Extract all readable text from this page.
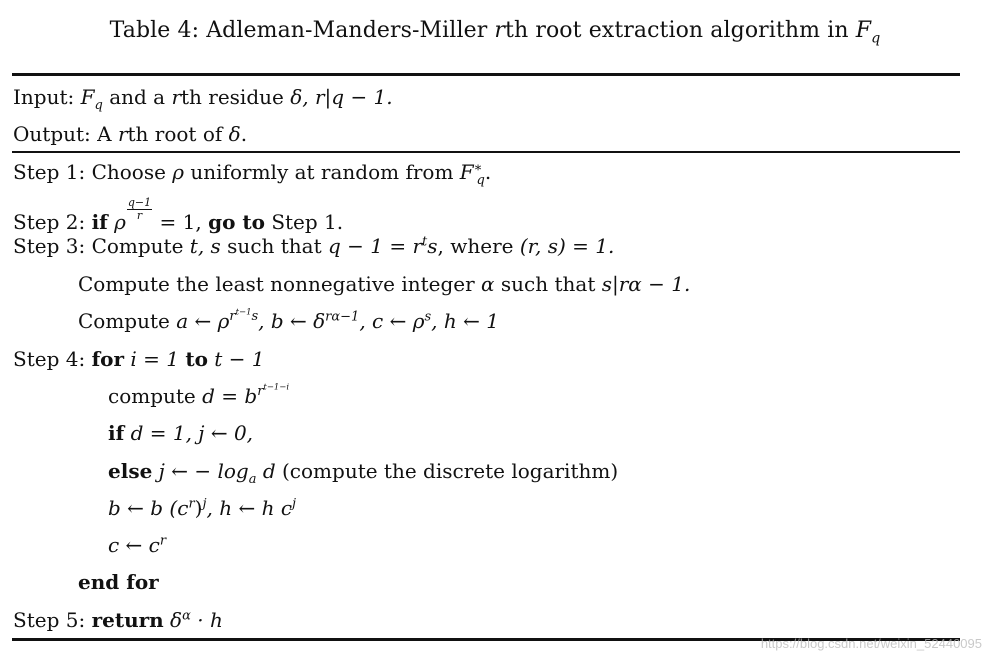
Table 4: Adleman-Manders-Miller rth root extraction algorithm in $F_q$
Input: $F_q$ and a rth residue δ, r|q − 1.
Output: A rth root of δ.
Step 1: Choose ρ uniformly at random from $F^∗_q$.
Step 2: if ρ $\frac{q-1}{r} = 1$, go to Step 1.
Step 3: Compute t, s such that $q - 1 = r^ts$, where (r, s) = 1.
Compute the least nonnegative integer α such that s|rα − 1.
Compute a ← $\rho^{r^{t-1}s}$, b ← $\delta^{r\alpha-1}$, c ← $\rho^s$, h ← 1
Step 4: for i = 1 to t − 1
compute $d = b^{r^{t-1-i}}$
if d = 1, j ← 0,
else j ← − $\log_a d$ (compute the discrete logarithm)
b ← b $(c^r)^j$, h ← h $c^j$
c ← $c^r$
end for
Step 5: return $\delta^\alpha \cdot h$
https://blog.csdn.net/weixin_52440095
